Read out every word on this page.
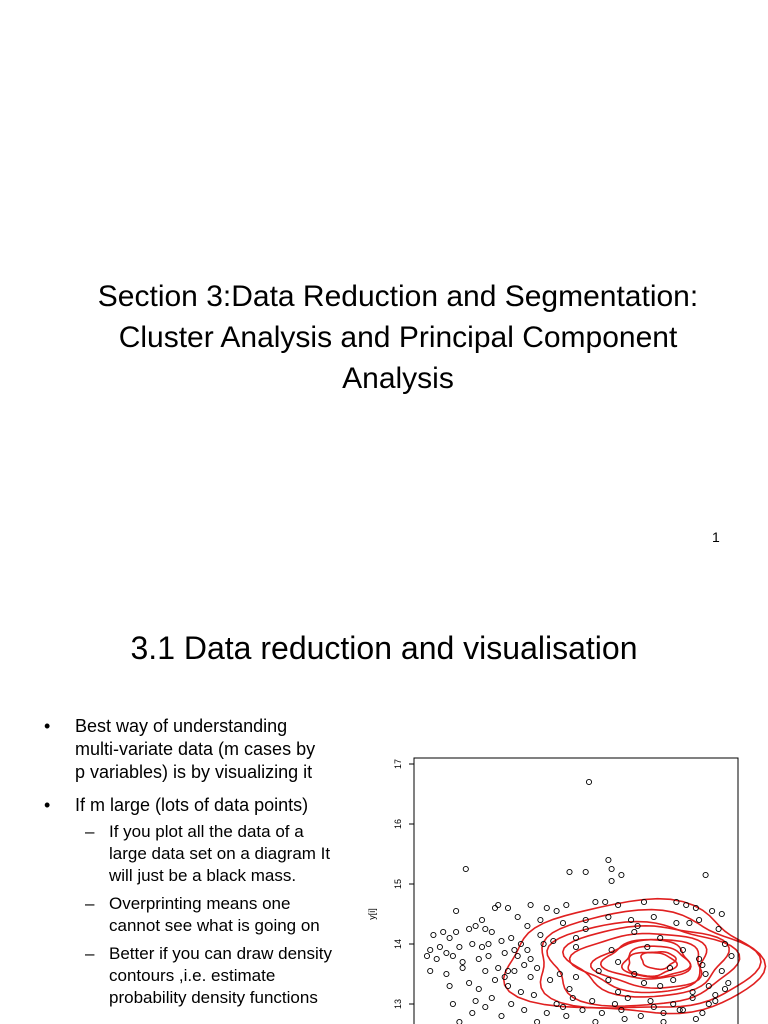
Section 3:Data Reduction and Segmentation:
Cluster Analysis and Principal Component
Analysis
1
3.1 Data reduction and visualisation
• Best way of understanding
multi-variate data (m cases by
p variables) is by visualizing it
• If m large (lots of data points)
– If you plot all the data of a
large data set on a diagram It
will just be a black mass.
– Overprinting means one
cannot see what is going on
– Better if you can draw density
contours ,i.e. estimate
probability density functions	13
14
15
16
17
y[i]
